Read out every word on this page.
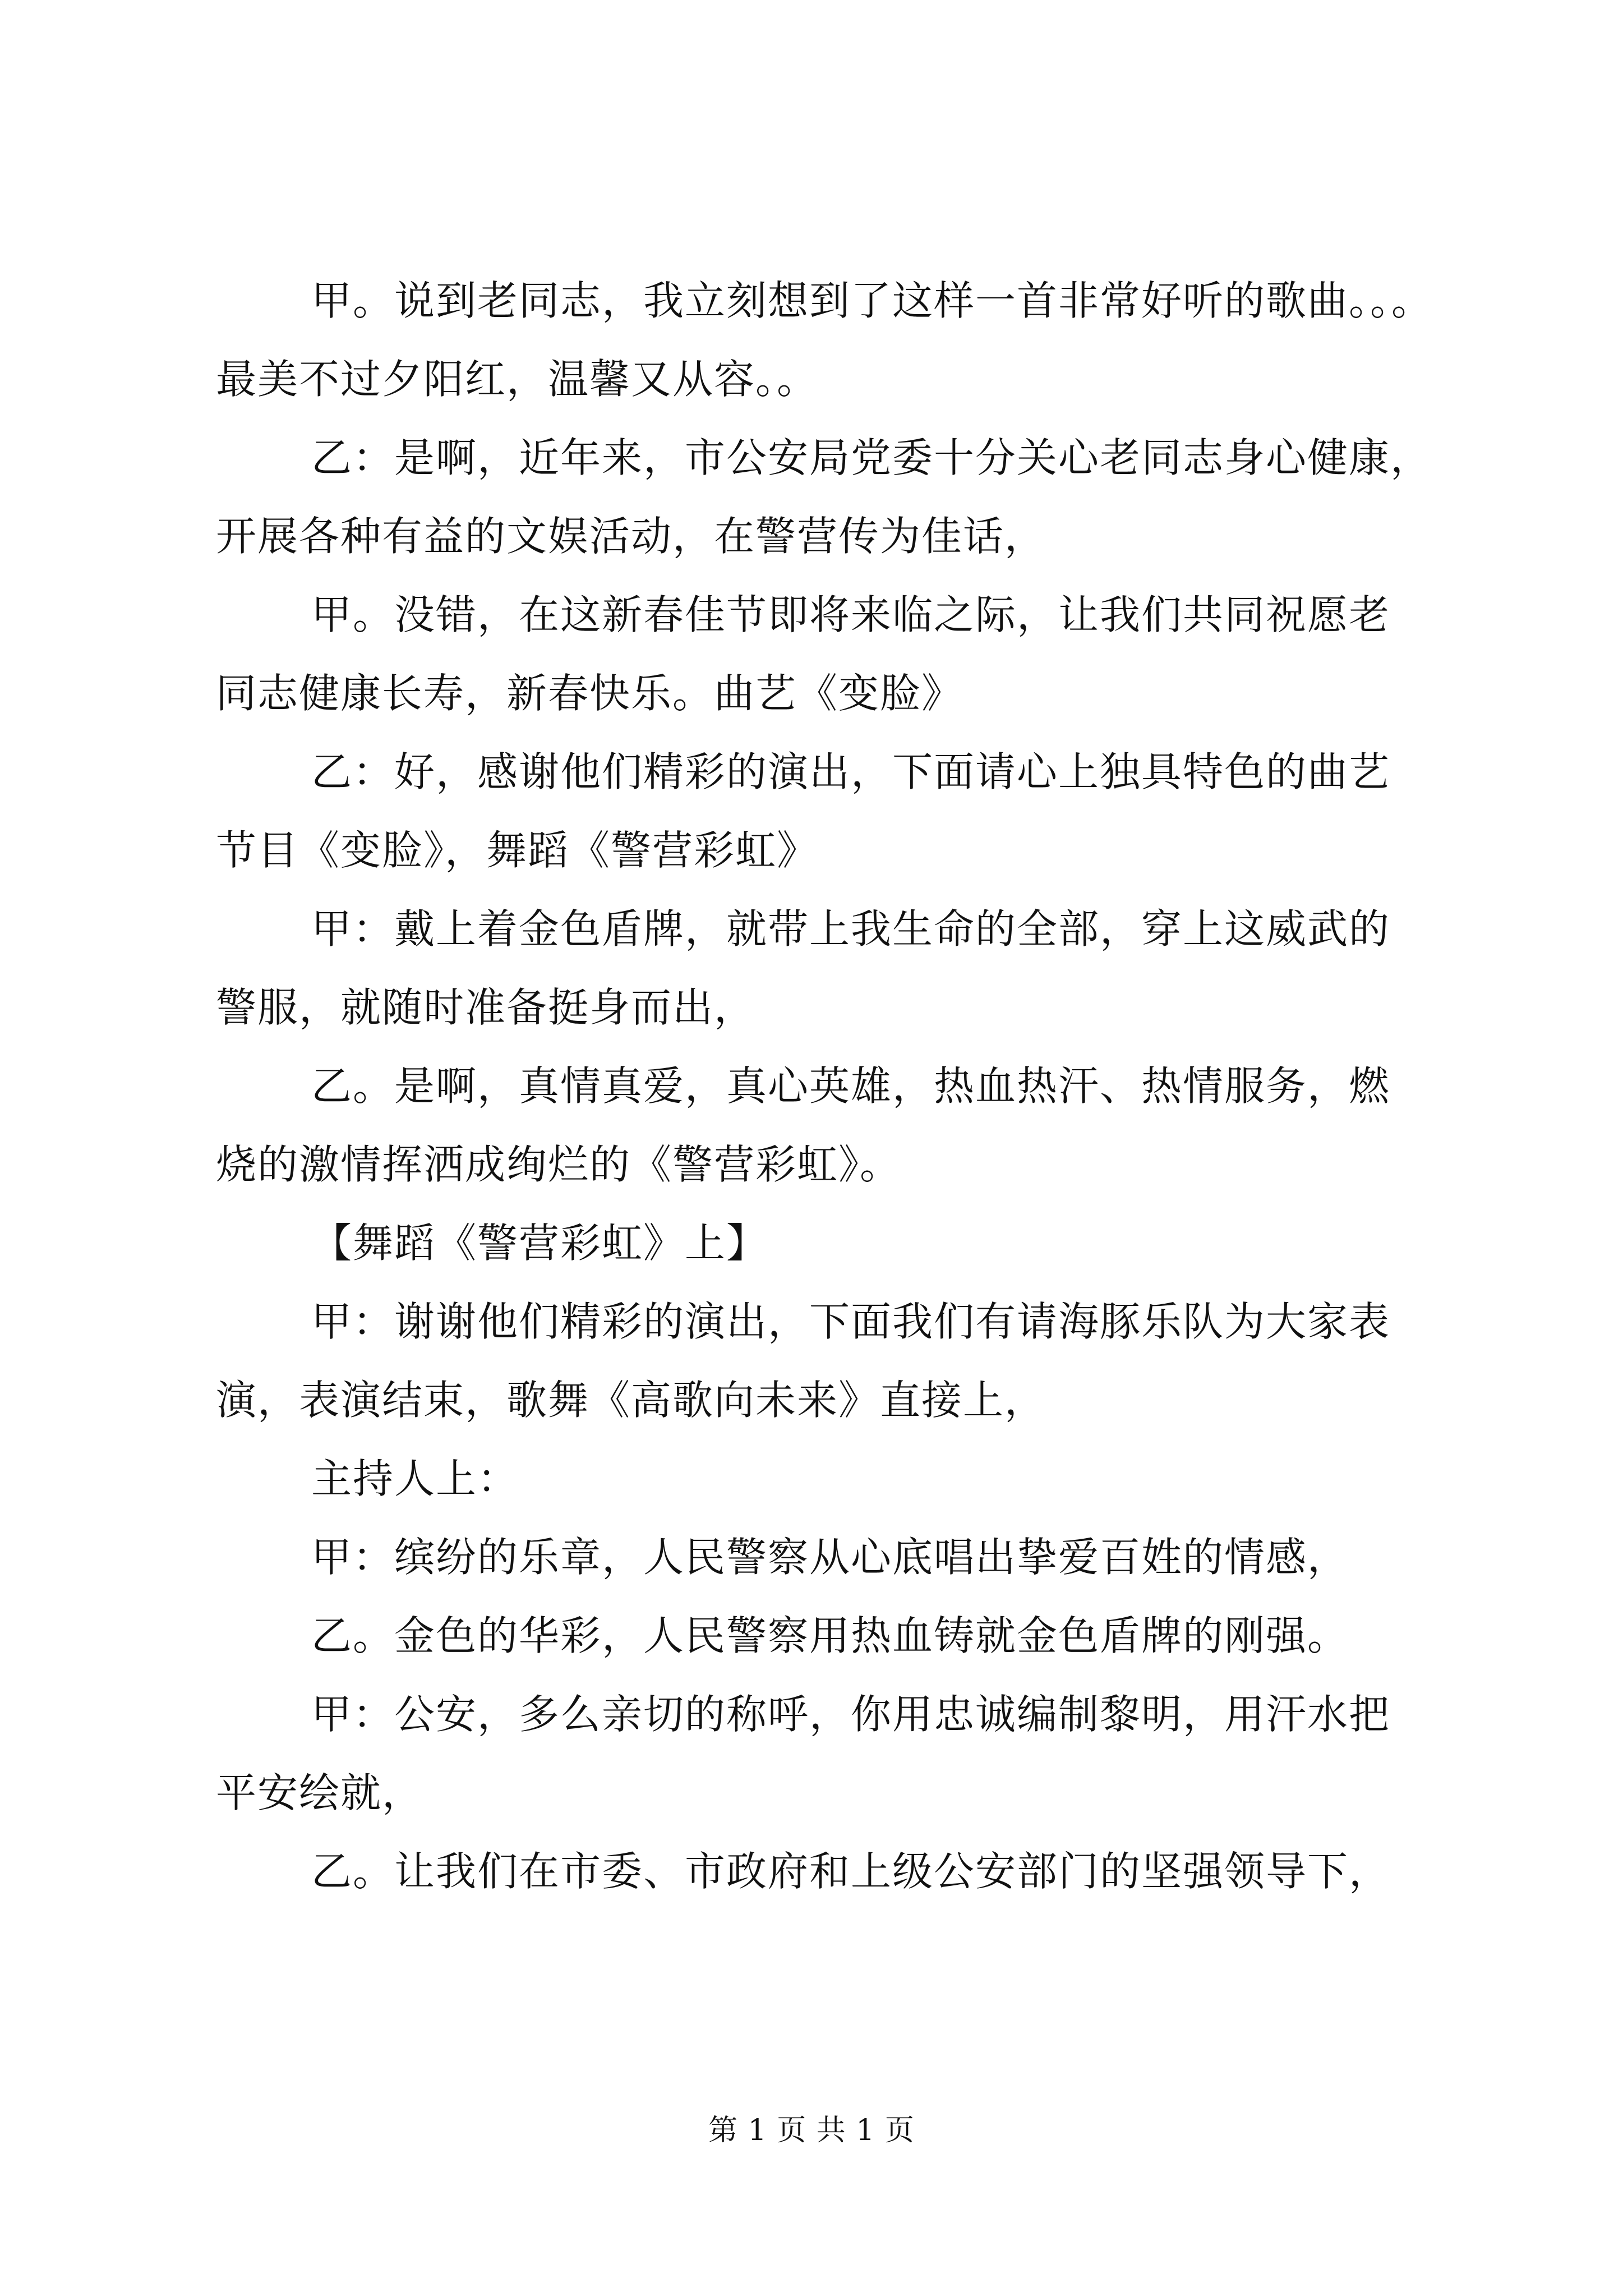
甲。说到老同志，我立刻想到了这样一首非常好听的歌曲。。。

最美不过夕阳红，温馨又从容。。

乙：是啊，近年来，市公安局党委十分关心老同志身心健康，

开展各种有益的文娱活动，在警营传为佳话，

甲。没错，在这新春佳节即将来临之际，让我们共同祝愿老

同志健康长寿，新春快乐。曲艺《变脸》

乙：好，感谢他们精彩的演出，下面请心上独具特色的曲艺

节目《变脸》，舞蹈《警营彩虹》

甲：戴上着金色盾牌，就带上我生命的全部，穿上这威武的

警服，就随时准备挺身而出，

乙。是啊，真情真爱，真心英雄，热血热汗、热情服务，燃

烧的激情挥洒成绚烂的《警营彩虹》。

【舞蹈《警营彩虹》上】

甲：谢谢他们精彩的演出，下面我们有请海豚乐队为大家表

演，表演结束，歌舞《高歌向未来》直接上，

主持人上：

甲：缤纷的乐章，人民警察从心底唱出挚爱百姓的情感，

乙。金色的华彩，人民警察用热血铸就金色盾牌的刚强。

甲：公安，多么亲切的称呼，你用忠诚编制黎明，用汗水把

平安绘就，

乙。让我们在市委、市政府和上级公安部门的坚强领导下，

第 1 页 共 1 页
